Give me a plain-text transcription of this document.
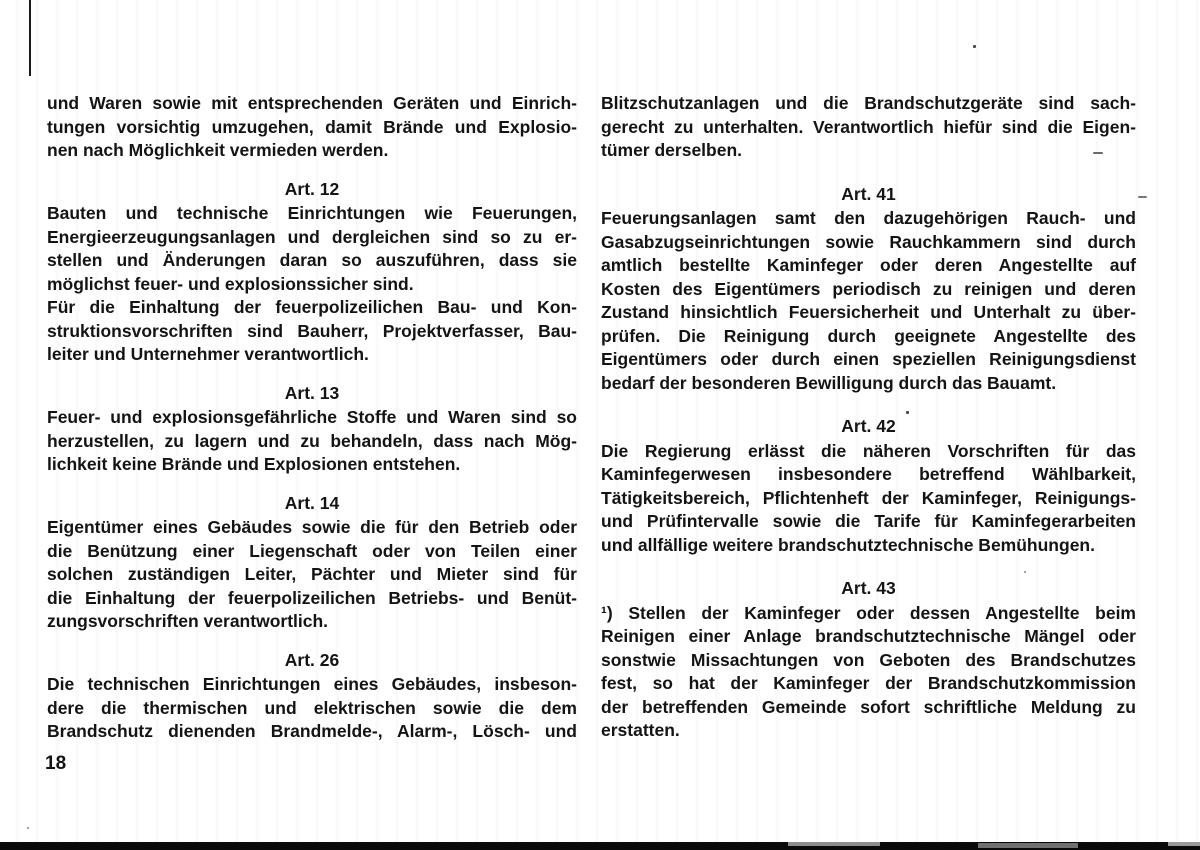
und Waren sowie mit entsprechenden Geräten und Einrich-
tungen vorsichtig umzugehen, damit Brände und Explosio-
nen nach Möglichkeit vermieden werden.
Art. 12
Bauten und technische Einrichtungen wie Feuerungen,
Energieerzeugungsanlagen und dergleichen sind so zu er-
stellen und Änderungen daran so auszuführen, dass sie
möglichst feuer- und explosionssicher sind.
Für die Einhaltung der feuerpolizeilichen Bau- und Kon-
struktionsvorschriften sind Bauherr, Projektverfasser, Bau-
leiter und Unternehmer verantwortlich.
Art. 13
Feuer- und explosionsgefährliche Stoffe und Waren sind so
herzustellen, zu lagern und zu behandeln, dass nach Mög-
lichkeit keine Brände und Explosionen entstehen.
Art. 14
Eigentümer eines Gebäudes sowie die für den Betrieb oder
die Benützung einer Liegenschaft oder von Teilen einer
solchen zuständigen Leiter, Pächter und Mieter sind für
die Einhaltung der feuerpolizeilichen Betriebs- und Benüt-
zungsvorschriften verantwortlich.
Art. 26
Die technischen Einrichtungen eines Gebäudes, insbeson-
dere die thermischen und elektrischen sowie die dem
Brandschutz dienenden Brandmelde-, Alarm-, Lösch- und
Blitzschutzanlagen und die Brandschutzgeräte sind sach-
gerecht zu unterhalten. Verantwortlich hiefür sind die Eigen-
tümer derselben.
Art. 41
Feuerungsanlagen samt den dazugehörigen Rauch- und
Gasabzugseinrichtungen sowie Rauchkammern sind durch
amtlich bestellte Kaminfeger oder deren Angestellte auf
Kosten des Eigentümers periodisch zu reinigen und deren
Zustand hinsichtlich Feuersicherheit und Unterhalt zu über-
prüfen. Die Reinigung durch geeignete Angestellte des
Eigentümers oder durch einen speziellen Reinigungsdienst
bedarf der besonderen Bewilligung durch das Bauamt.
Art. 42
Die Regierung erlässt die näheren Vorschriften für das
Kaminfegerwesen insbesondere betreffend Wählbarkeit,
Tätigkeitsbereich, Pflichtenheft der Kaminfeger, Reinigungs-
und Prüfintervalle sowie die Tarife für Kaminfegerarbeiten
und allfällige weitere brandschutztechnische Bemühungen.
Art. 43
¹) Stellen der Kaminfeger oder dessen Angestellte beim
Reinigen einer Anlage brandschutztechnische Mängel oder
sonstwie Missachtungen von Geboten des Brandschutzes
fest, so hat der Kaminfeger der Brandschutzkommission
der betreffenden Gemeinde sofort schriftliche Meldung zu
erstatten.
18
